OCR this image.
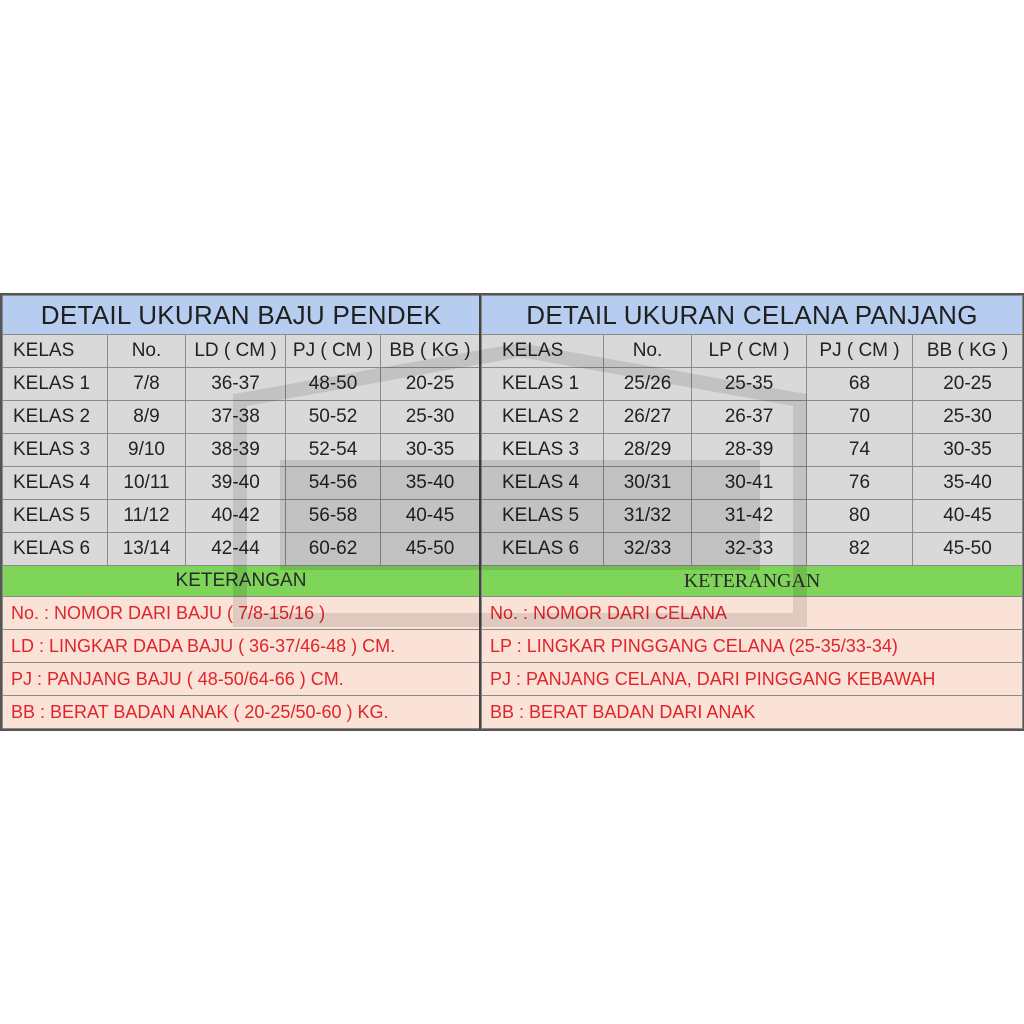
DETAIL UKURAN BAJU PENDEK				
KELAS	No.	LD ( CM )	PJ ( CM )	BB ( KG )
KELAS 1	7/8	36-37	48-50	20-25
KELAS 2	8/9	37-38	50-52	25-30
KELAS 3	9/10	38-39	52-54	30-35
KELAS 4	10/11	39-40	54-56	35-40
KELAS 5	11/12	40-42	56-58	40-45
KELAS 6	13/14	42-44	60-62	45-50
KETERANGAN				
No. : NOMOR DARI BAJU ( 7/8-15/16 )				
LD : LINGKAR DADA BAJU ( 36-37/46-48 ) CM.				
PJ : PANJANG BAJU ( 48-50/64-66 ) CM.				
BB : BERAT BADAN ANAK ( 20-25/50-60 ) KG.				
DETAIL UKURAN CELANA PANJANG				
KELAS	No.	LP ( CM )	PJ ( CM )	BB ( KG )
KELAS 1	25/26	25-35	68	20-25
KELAS 2	26/27	26-37	70	25-30
KELAS 3	28/29	28-39	74	30-35
KELAS 4	30/31	30-41	76	35-40
KELAS 5	31/32	31-42	80	40-45
KELAS 6	32/33	32-33	82	45-50
KETERANGAN				
No. : NOMOR DARI CELANA				
LP : LINGKAR PINGGANG CELANA (25-35/33-34)				
PJ : PANJANG CELANA, DARI PINGGANG KEBAWAH				
BB : BERAT BADAN DARI ANAK				
